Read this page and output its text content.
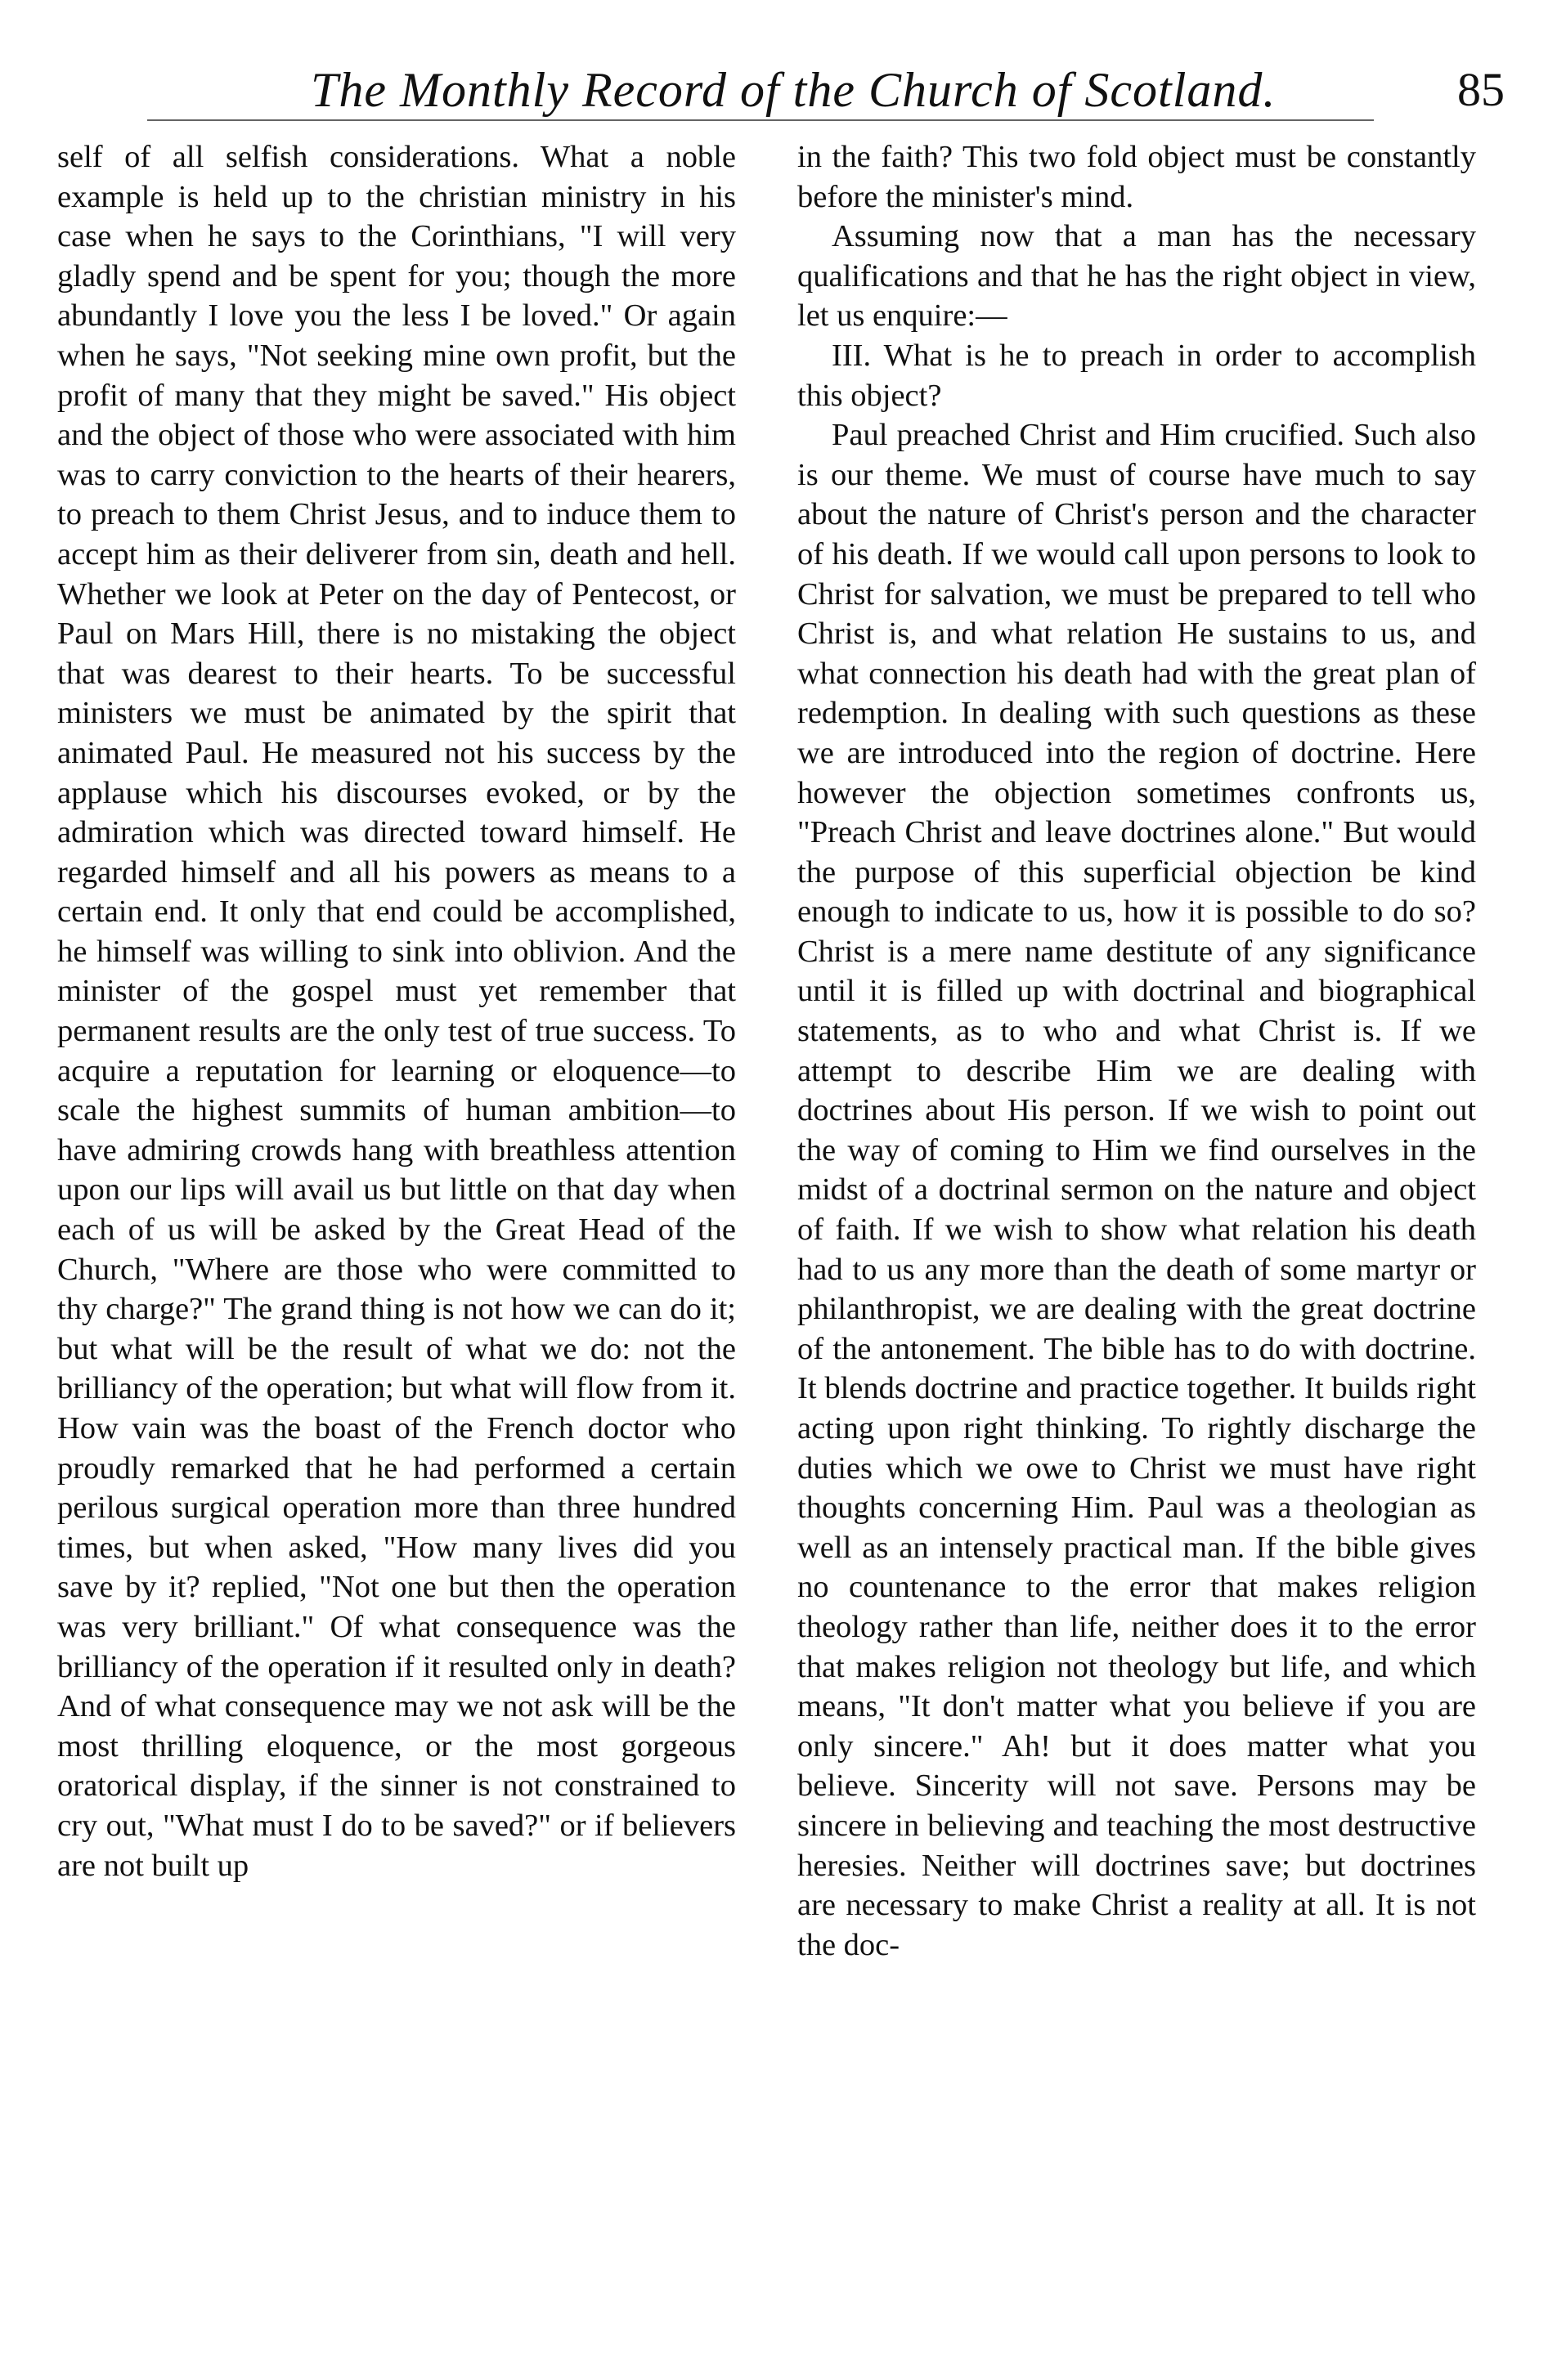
The Monthly Record of the Church of Scotland.	85

self of all selfish considerations. What a noble example is held up to the christian ministry in his case when he says to the Corinthians, "I will very gladly spend and be spent for you; though the more abundantly I love you the less I be loved." Or again when he says, "Not seeking mine own profit, but the profit of many that they might be saved." His object and the object of those who were associated with him was to carry conviction to the hearts of their hearers, to preach to them Christ Jesus, and to induce them to accept him as their deliverer from sin, death and hell. Whether we look at Peter on the day of Pentecost, or Paul on Mars Hill, there is no mistaking the object that was dearest to their hearts. To be successful ministers we must be animated by the spirit that animated Paul. He measured not his success by the applause which his discourses evoked, or by the admiration which was directed toward himself. He regarded himself and all his powers as means to a certain end. It only that end could be accomplished, he himself was willing to sink into oblivion. And the minister of the gospel must yet remember that permanent results are the only test of true success. To acquire a reputation for learning or eloquence—to scale the highest summits of human ambition—to have admiring crowds hang with breathless attention upon our lips will avail us but little on that day when each of us will be asked by the Great Head of the Church, "Where are those who were committed to thy charge?" The grand thing is not how we can do it; but what will be the result of what we do: not the brilliancy of the operation; but what will flow from it. How vain was the boast of the French doctor who proudly remarked that he had performed a certain perilous surgical operation more than three hundred times, but when asked, "How many lives did you save by it? replied, "Not one but then the operation was very brilliant." Of what consequence was the brilliancy of the operation if it resulted only in death? And of what consequence may we not ask will be the most thrilling eloquence, or the most gorgeous oratorical display, if the sinner is not constrained to cry out, "What must I do to be saved?" or if believers are not built up

in the faith? This two fold object must be constantly before the minister's mind.

Assuming now that a man has the necessary qualifications and that he has the right object in view, let us enquire:—

III. What is he to preach in order to accomplish this object?

Paul preached Christ and Him crucified. Such also is our theme. We must of course have much to say about the nature of Christ's person and the character of his death. If we would call upon persons to look to Christ for salvation, we must be prepared to tell who Christ is, and what relation He sustains to us, and what connection his death had with the great plan of redemption. In dealing with such questions as these we are introduced into the region of doctrine. Here however the objection sometimes confronts us, "Preach Christ and leave doctrines alone." But would the purpose of this superficial objection be kind enough to indicate to us, how it is possible to do so? Christ is a mere name destitute of any significance until it is filled up with doctrinal and biographical statements, as to who and what Christ is. If we attempt to describe Him we are dealing with doctrines about His person. If we wish to point out the way of coming to Him we find ourselves in the midst of a doctrinal sermon on the nature and object of faith. If we wish to show what relation his death had to us any more than the death of some martyr or philanthropist, we are dealing with the great doctrine of the antonement. The bible has to do with doctrine. It blends doctrine and practice together. It builds right acting upon right thinking. To rightly discharge the duties which we owe to Christ we must have right thoughts concerning Him. Paul was a theologian as well as an intensely practical man. If the bible gives no countenance to the error that makes religion theology rather than life, neither does it to the error that makes religion not theology but life, and which means, "It don't matter what you believe if you are only sincere." Ah! but it does matter what you believe. Sincerity will not save. Persons may be sincere in believing and teaching the most destructive heresies. Neither will doctrines save; but doctrines are necessary to make Christ a reality at all. It is not the doc-
